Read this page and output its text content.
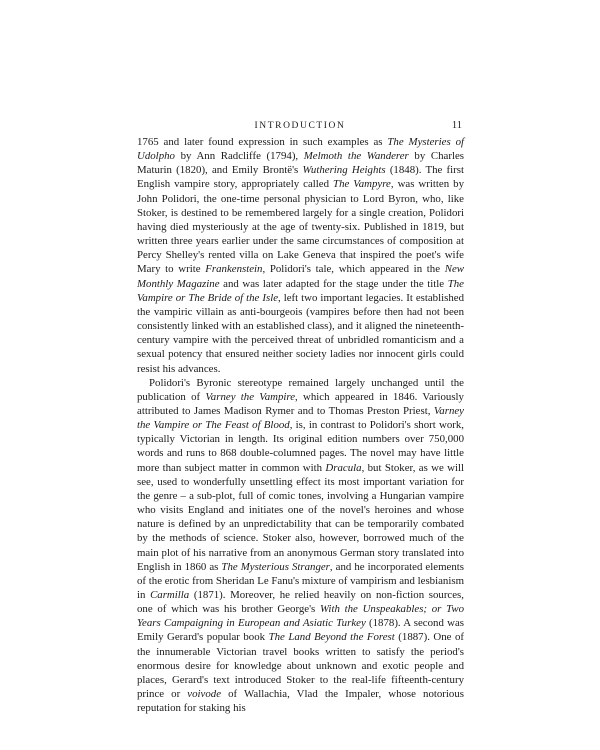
INTRODUCTION	11

1765 and later found expression in such examples as The Mysteries of Udolpho by Ann Radcliffe (1794), Melmoth the Wanderer by Charles Maturin (1820), and Emily Brontë's Wuthering Heights (1848). The first English vampire story, appropriately called The Vampyre, was written by John Polidori, the one-time personal physician to Lord Byron, who, like Stoker, is destined to be remembered largely for a single creation, Polidori having died mysteriously at the age of twenty-six. Published in 1819, but written three years earlier under the same circumstances of composition at Percy Shelley's rented villa on Lake Geneva that inspired the poet's wife Mary to write Frankenstein, Polidori's tale, which appeared in the New Monthly Magazine and was later adapted for the stage under the title The Vampire or The Bride of the Isle, left two important legacies. It established the vampiric villain as anti-bourgeois (vampires before then had not been consistently linked with an established class), and it aligned the nineteenth-century vampire with the perceived threat of unbridled romanticism and a sexual potency that ensured neither society ladies nor innocent girls could resist his advances.

Polidori's Byronic stereotype remained largely unchanged until the publication of Varney the Vampire, which appeared in 1846. Variously attributed to James Madison Rymer and to Thomas Preston Priest, Varney the Vampire or The Feast of Blood, is, in contrast to Polidori's short work, typically Victorian in length. Its original edition numbers over 750,000 words and runs to 868 double-columned pages. The novel may have little more than subject matter in common with Dracula, but Stoker, as we will see, used to wonderfully unsettling effect its most important variation for the genre – a sub-plot, full of comic tones, involving a Hungarian vampire who visits England and initiates one of the novel's heroines and whose nature is defined by an unpredictability that can be temporarily combated by the methods of science. Stoker also, however, borrowed much of the main plot of his narrative from an anonymous German story translated into English in 1860 as The Mysterious Stranger, and he incorporated elements of the erotic from Sheridan Le Fanu's mixture of vampirism and lesbianism in Carmilla (1871). Moreover, he relied heavily on non-fiction sources, one of which was his brother George's With the Unspeakables; or Two Years Campaigning in European and Asiatic Turkey (1878). A second was Emily Gerard's popular book The Land Beyond the Forest (1887). One of the innumerable Victorian travel books written to satisfy the period's enormous desire for knowledge about unknown and exotic people and places, Gerard's text introduced Stoker to the real-life fifteenth-century prince or voivode of Wallachia, Vlad the Impaler, whose notorious reputation for staking his
